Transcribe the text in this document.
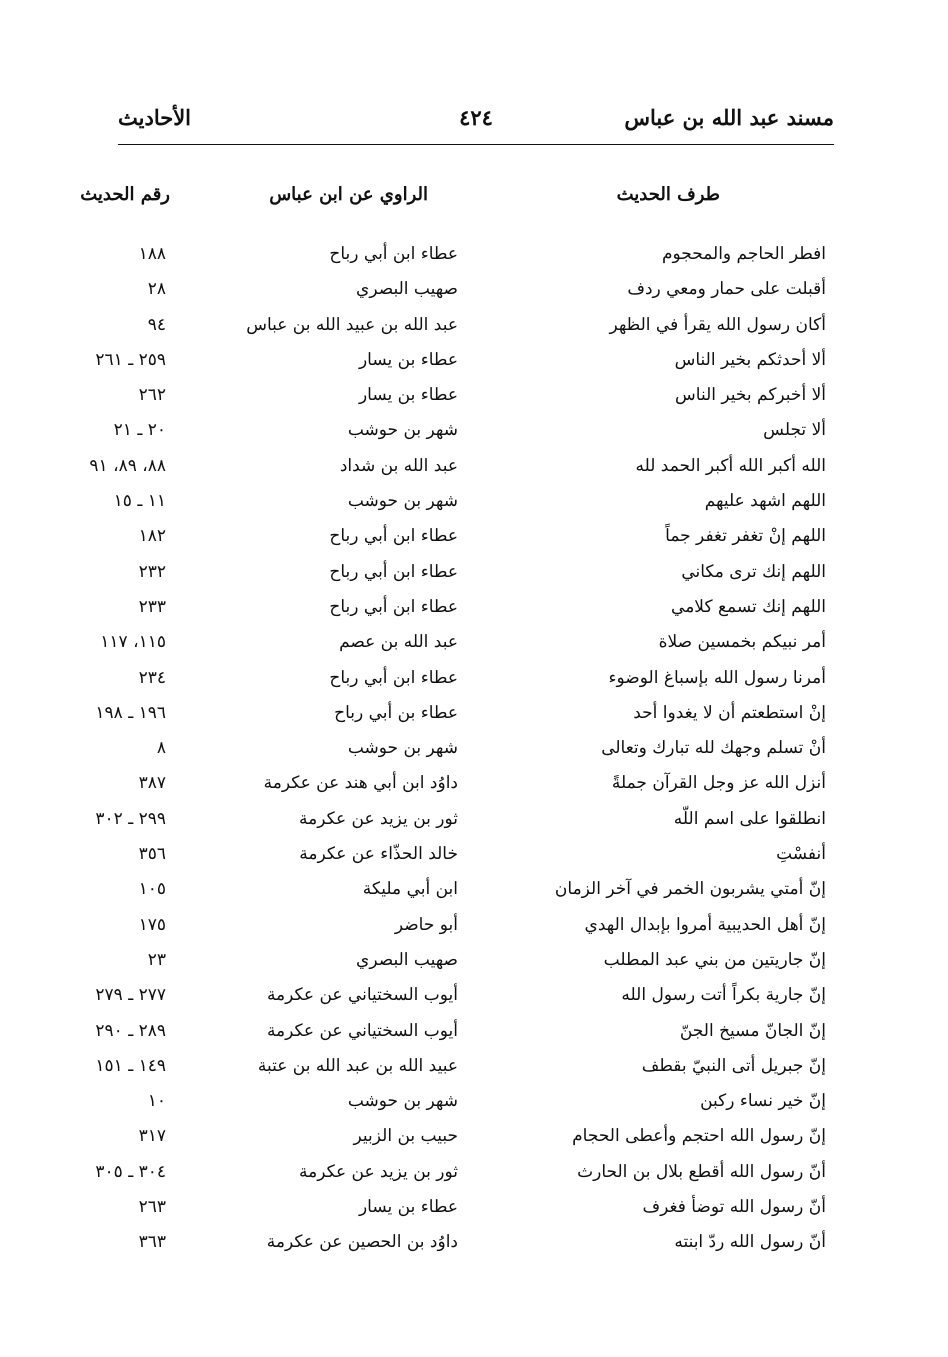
مسند عبد الله بن عباس
٤٢٤
الأحاديث
طرف الحديث
الراوي عن ابن عباس
رقم الحديث
افطر الحاجم والمحجوم
عطاء ابن أبي رباح
١٨٨
أقبلت على حمار ومعي ردف
صهيب البصري
٢٨
أكان رسول الله يقرأ في الظهر
عبد الله بن عبيد الله بن عباس
٩٤
ألا أحدثكم بخير الناس
عطاء بن يسار
٢٥٩ ـ ٢٦١
ألا أخبركم بخير الناس
عطاء بن يسار
٢٦٢
ألا تجلس
شهر بن حوشب
٢٠ ـ ٢١
الله أكبر الله أكبر الحمد لله
عبد الله بن شداد
٨٨، ٨٩، ٩١
اللهم اشهد عليهم
شهر بن حوشب
١١ ـ ١٥
اللهم إنْ تغفر تغفر جماً
عطاء ابن أبي رباح
١٨٢
اللهم إنك ترى مكاني
عطاء ابن أبي رباح
٢٣٢
اللهم إنك تسمع كلامي
عطاء ابن أبي رباح
٢٣٣
أمر نبيكم بخمسين صلاة
عبد الله بن عصم
١١٥، ١١٧
أمرنا رسول الله بإسباغ الوضوء
عطاء ابن أبي رباح
٢٣٤
إنْ استطعتم أن لا يغدوا أحد
عطاء بن أبي رباح
١٩٦ ـ ١٩٨
أنْ تسلم وجهك لله تبارك وتعالى
شهر بن حوشب
٨
أنزل الله عز وجل القرآن جملةً
داوُد ابن أبي هند عن عكرمة
٣٨٧
انطلقوا على اسم اللّه
ثور بن يزيد عن عكرمة
٢٩٩ ـ ٣٠٢
أنفسْتِ
خالد الحذّاء عن عكرمة
٣٥٦
إنّ أمتي يشربون الخمر في آخر الزمان
ابن أبي مليكة
١٠٥
إنّ أهل الحديبية أمروا بإبدال الهدي
أبو حاضر
١٧٥
إنّ جاريتين من بني عبد المطلب
صهيب البصري
٢٣
إنّ جارية بكراً أتت رسول الله
أيوب السختياني عن عكرمة
٢٧٧ ـ ٢٧٩
إنّ الجانّ مسيخ الجنّ
أيوب السختياني عن عكرمة
٢٨٩ ـ ٢٩٠
إنّ جبريل أتى النبيّ بقطف
عبيد الله بن عبد الله بن عتبة
١٤٩ ـ ١٥١
إنّ خير نساء ركبن
شهر بن حوشب
١٠
إنّ رسول الله احتجم وأعطى الحجام
حبيب بن الزبير
٣١٧
أنّ رسول الله أقطع بلال بن الحارث
ثور بن يزيد عن عكرمة
٣٠٤ ـ ٣٠٥
أنّ رسول الله توضأ فغرف
عطاء بن يسار
٢٦٣
أنّ رسول الله ردّ ابنته
داوُد بن الحصين عن عكرمة
٣٦٣
